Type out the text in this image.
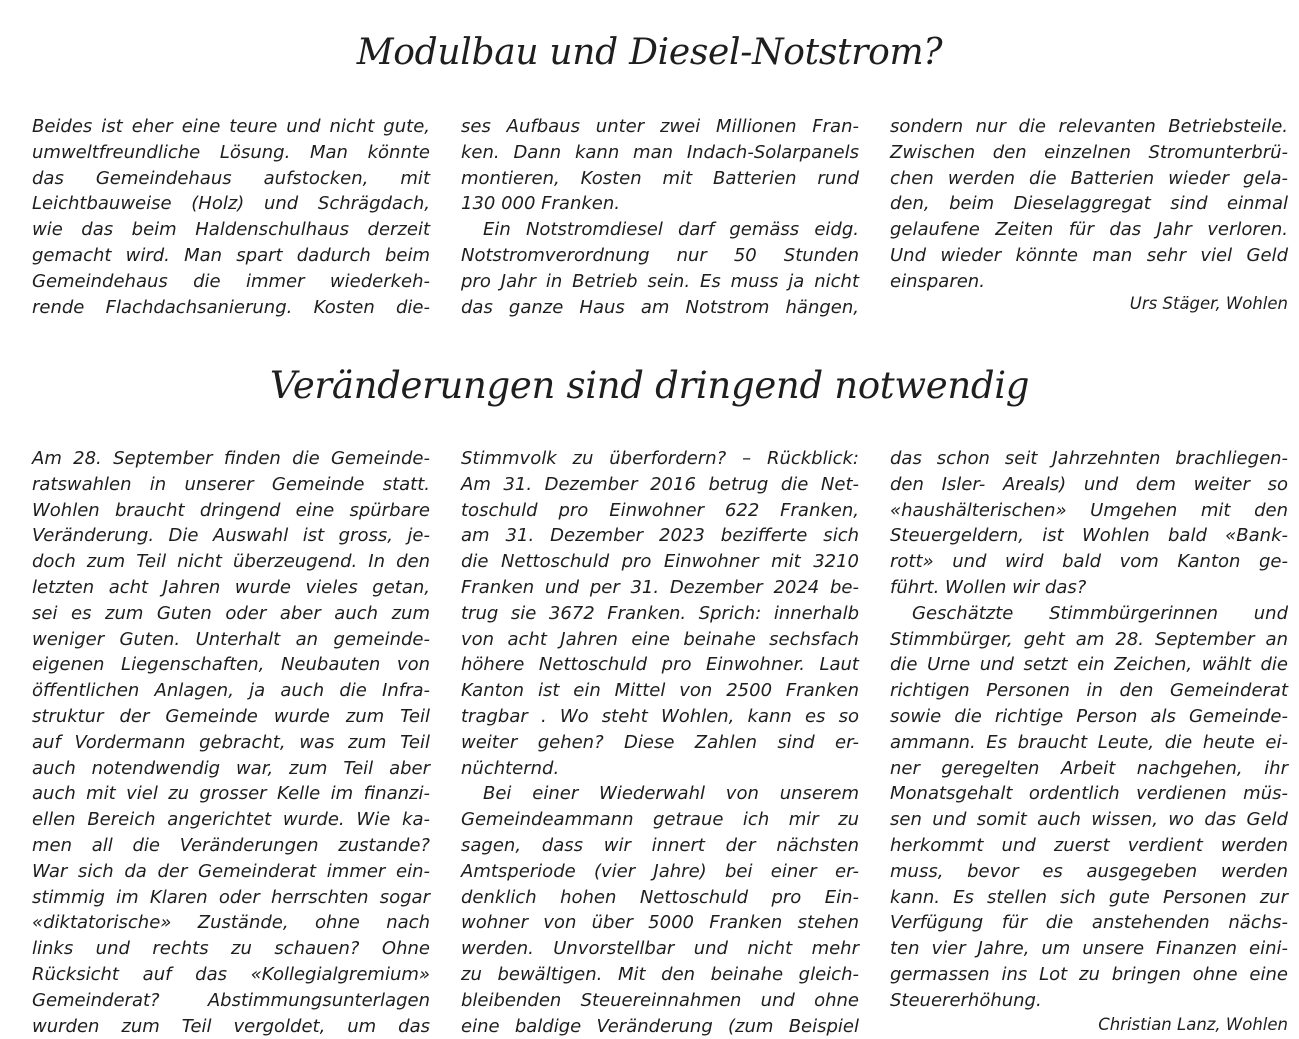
Modulbau und Diesel-Notstrom?
Beides ist eher eine teure und nicht gute,
umweltfreundliche Lösung. Man könnte
das Gemeindehaus aufstocken, mit
Leichtbauweise (Holz) und Schrägdach,
wie das beim Haldenschulhaus derzeit
gemacht wird. Man spart dadurch beim
Gemeindehaus die immer wiederkeh-
rende Flachdachsanierung. Kosten die-
ses Aufbaus unter zwei Millionen Fran-
ken. Dann kann man Indach-Solarpanels
montieren, Kosten mit Batterien rund
130 000 Franken.
Ein Notstromdiesel darf gemäss eidg.
Notstromverordnung nur 50 Stunden
pro Jahr in Betrieb sein. Es muss ja nicht
das ganze Haus am Notstrom hängen,
sondern nur die relevanten Betriebsteile.
Zwischen den einzelnen Stromunterbrü-
chen werden die Batterien wieder gela-
den, beim Dieselaggregat sind einmal
gelaufene Zeiten für das Jahr verloren.
Und wieder könnte man sehr viel Geld
einsparen.
Urs Stäger, Wohlen
Veränderungen sind dringend notwendig
Am 28. September finden die Gemeinde-
ratswahlen in unserer Gemeinde statt.
Wohlen braucht dringend eine spürbare
Veränderung. Die Auswahl ist gross, je-
doch zum Teil nicht überzeugend. In den
letzten acht Jahren wurde vieles getan,
sei es zum Guten oder aber auch zum
weniger Guten. Unterhalt an gemeinde-
eigenen Liegenschaften, Neubauten von
öffentlichen Anlagen, ja auch die Infra-
struktur der Gemeinde wurde zum Teil
auf Vordermann gebracht, was zum Teil
auch notendwendig war, zum Teil aber
auch mit viel zu grosser Kelle im finanzi-
ellen Bereich angerichtet wurde. Wie ka-
men all die Veränderungen zustande?
War sich da der Gemeinderat immer ein-
stimmig im Klaren oder herrschten sogar
«diktatorische» Zustände, ohne nach
links und rechts zu schauen? Ohne
Rücksicht auf das «Kollegialgremium»
Gemeinderat? Abstimmungsunterlagen
wurden zum Teil vergoldet, um das
Stimmvolk zu überfordern? – Rückblick:
Am 31. Dezember 2016 betrug die Net-
toschuld pro Einwohner 622 Franken,
am 31. Dezember 2023 bezifferte sich
die Nettoschuld pro Einwohner mit 3210
Franken und per 31. Dezember 2024 be-
trug sie 3672 Franken. Sprich: innerhalb
von acht Jahren eine beinahe sechsfach
höhere Nettoschuld pro Einwohner. Laut
Kanton ist ein Mittel von 2500 Franken
tragbar . Wo steht Wohlen, kann es so
weiter gehen? Diese Zahlen sind er-
nüchternd.
Bei einer Wiederwahl von unserem
Gemeindeammann getraue ich mir zu
sagen, dass wir innert der nächsten
Amtsperiode (vier Jahre) bei einer er-
denklich hohen Nettoschuld pro Ein-
wohner von über 5000 Franken stehen
werden. Unvorstellbar und nicht mehr
zu bewältigen. Mit den beinahe gleich-
bleibenden Steuereinnahmen und ohne
eine baldige Veränderung (zum Beispiel
das schon seit Jahrzehnten brachliegen-
den Isler- Areals) und dem weiter so
«haushälterischen» Umgehen mit den
Steuergeldern, ist Wohlen bald «Bank-
rott» und wird bald vom Kanton ge-
führt. Wollen wir das?
Geschätzte Stimmbürgerinnen und
Stimmbürger, geht am 28. September an
die Urne und setzt ein Zeichen, wählt die
richtigen Personen in den Gemeinderat
sowie die richtige Person als Gemeinde-
ammann. Es braucht Leute, die heute ei-
ner geregelten Arbeit nachgehen, ihr
Monatsgehalt ordentlich verdienen müs-
sen und somit auch wissen, wo das Geld
herkommt und zuerst verdient werden
muss, bevor es ausgegeben werden
kann. Es stellen sich gute Personen zur
Verfügung für die anstehenden nächs-
ten vier Jahre, um unsere Finanzen eini-
germassen ins Lot zu bringen ohne eine
Steuererhöhung.
Christian Lanz, Wohlen
